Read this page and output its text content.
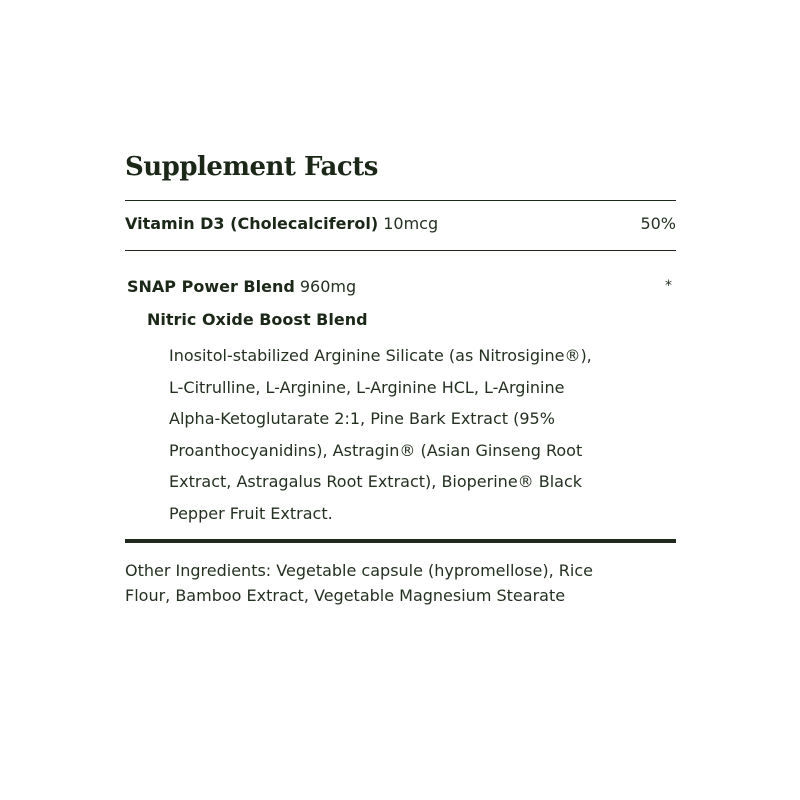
Supplement Facts
Vitamin D3 (Cholecalciferol) 10mcg	50%
SNAP Power Blend 960mg	*
Nitric Oxide Boost Blend
Inositol-stabilized Arginine Silicate (as Nitrosigine®),
L-Citrulline, L-Arginine, L-Arginine HCL, L-Arginine
Alpha-Ketoglutarate 2:1, Pine Bark Extract (95%
Proanthocyanidins), Astragin® (Asian Ginseng Root
Extract, Astragalus Root Extract), Bioperine® Black
Pepper Fruit Extract.
Other Ingredients: Vegetable capsule (hypromellose), Rice
Flour, Bamboo Extract, Vegetable Magnesium Stearate
